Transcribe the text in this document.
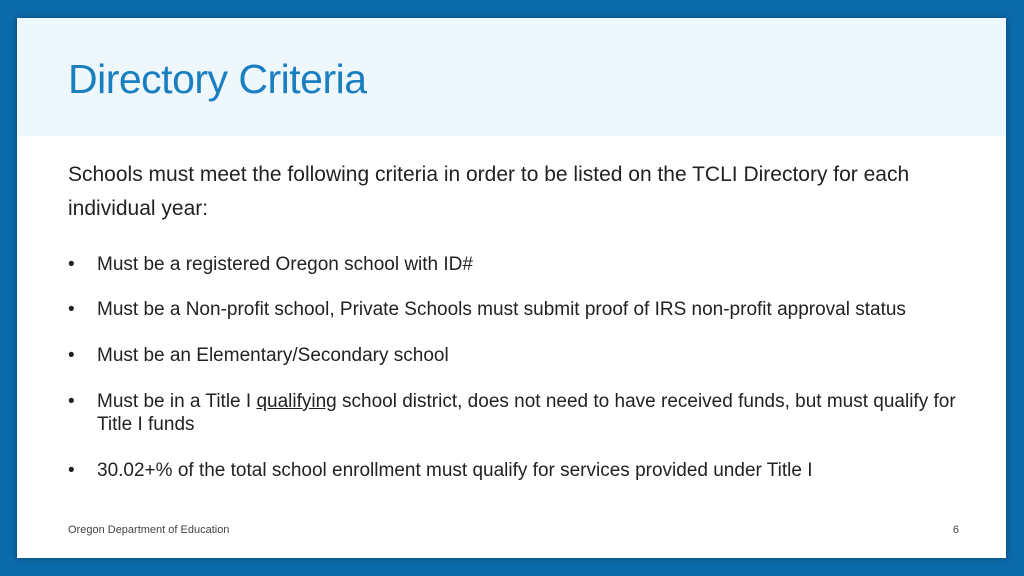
Directory Criteria

Schools must meet the following criteria in order to be listed on the TCLI Directory for each individual year:

• Must be a registered Oregon school with ID#
• Must be a Non-profit school, Private Schools must submit proof of IRS non-profit approval status
• Must be an Elementary/Secondary school
• Must be in a Title I qualifying school district, does not need to have received funds, but must qualify for Title I funds
• 30.02+% of the total school enrollment must qualify for services provided under Title I
Oregon Department of Education	6
